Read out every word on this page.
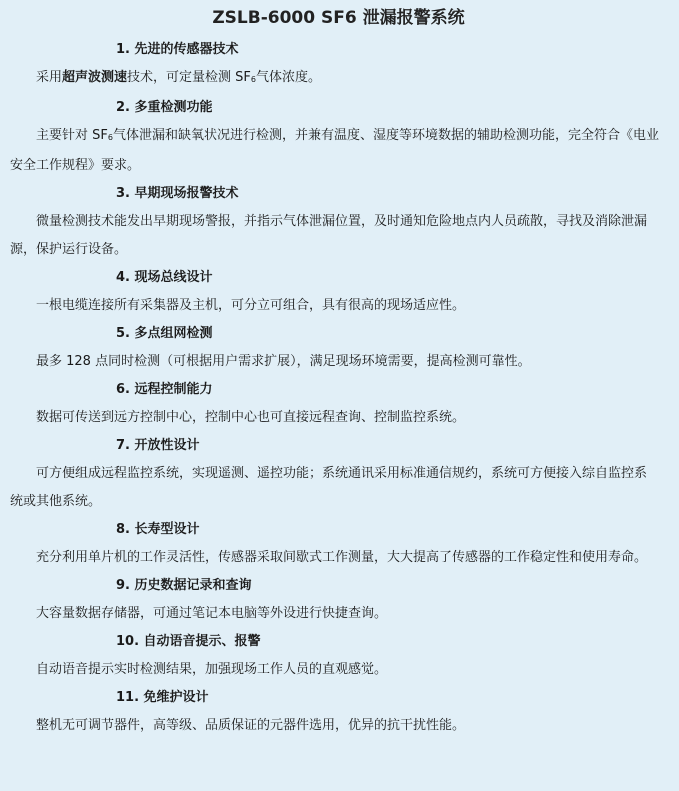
ZSLB-6000 SF6 泄漏报警系统

1. 先进的传感器技术

采用超声波测速技术，可定量检测 $SF_6$气体浓度。

2. 多重检测功能

主要针对 $SF_6$气体泄漏和缺氧状况进行检测，并兼有温度、湿度等环境数据的辅助检测功能，完全符合《电业安全工作规程》要求。

3. 早期现场报警技术

微量检测技术能发出早期现场警报，并指示气体泄漏位置，及时通知危险地点内人员疏散，寻找及消除泄漏源，保护运行设备。

4. 现场总线设计

一根电缆连接所有采集器及主机，可分立可组合，具有很高的现场适应性。

5. 多点组网检测

最多 128 点同时检测（可根据用户需求扩展），满足现场环境需要，提高检测可靠性。

6. 远程控制能力

数据可传送到远方控制中心，控制中心也可直接远程查询、控制监控系统。

7. 开放性设计

可方便组成远程监控系统，实现遥测、遥控功能；系统通讯采用标准通信规约，系统可方便接入综自监控系统或其他系统。

8. 长寿型设计

充分利用单片机的工作灵活性，传感器采取间歇式工作测量，大大提高了传感器的工作稳定性和使用寿命。

9. 历史数据记录和查询

大容量数据存储器，可通过笔记本电脑等外设进行快捷查询。

10. 自动语音提示、报警

自动语音提示实时检测结果，加强现场工作人员的直观感觉。

11. 免维护设计

整机无可调节器件，高等级、品质保证的元器件选用，优异的抗干扰性能。
